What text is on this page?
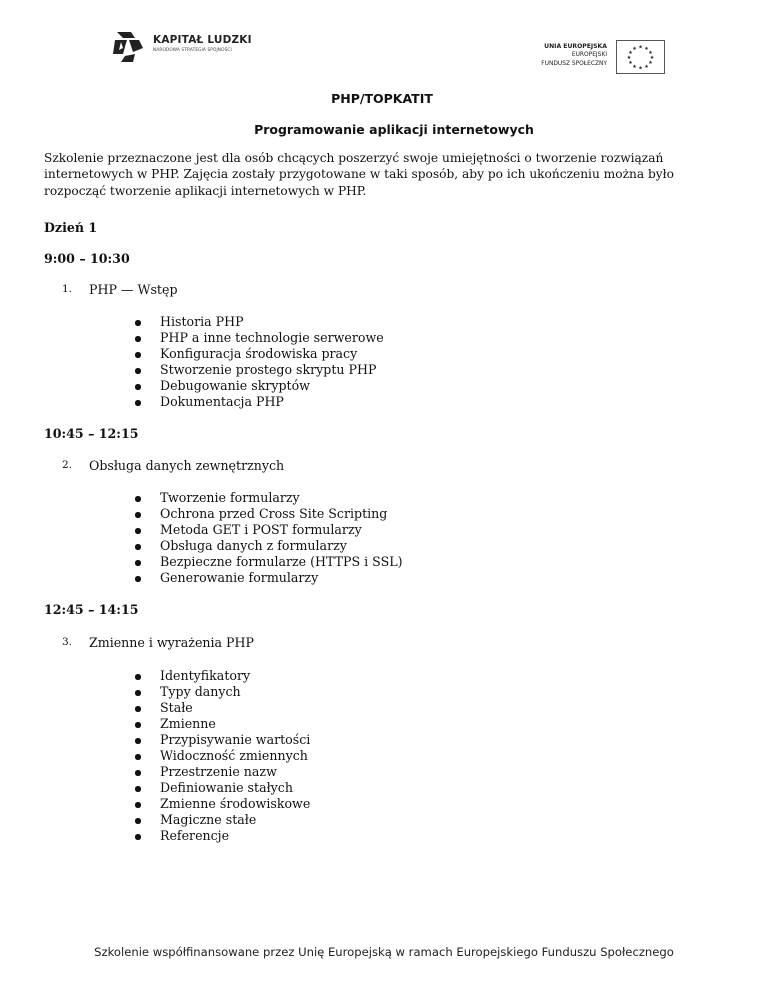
KAPITAŁ LUDZKI
NARODOWA STRATEGIA SPÓJNOŚCI
UNIA EUROPEJSKA
EUROPEJSKI
FUNDUSZ SPOŁECZNY
★ ★
★
★
★
★
★
★
★
★
★
★
PHP/TOPKATIT
Programowanie aplikacji internetowych
Szkolenie przeznaczone jest dla osób chcących poszerzyć swoje umiejętności o tworzenie rozwiązań internetowych w PHP. Zajęcia zostały przygotowane w taki sposób, aby po ich ukończeniu można było rozpocząć tworzenie aplikacji internetowych w PHP.
Dzień 1
9:00 – 10:30
1. PHP — Wstęp
Historia PHP
PHP a inne technologie serwerowe
Konfiguracja środowiska pracy
Stworzenie prostego skryptu PHP
Debugowanie skryptów
Dokumentacja PHP
10:45 – 12:15
2. Obsługa danych zewnętrznych
Tworzenie formularzy
Ochrona przed Cross Site Scripting
Metoda GET i POST formularzy
Obsługa danych z formularzy
Bezpieczne formularze (HTTPS i SSL)
Generowanie formularzy
12:45 – 14:15
3. Zmienne i wyrażenia PHP
Identyfikatory
Typy danych
Stałe
Zmienne
Przypisywanie wartości
Widoczność zmiennych
Przestrzenie nazw
Definiowanie stałych
Zmienne środowiskowe
Magiczne stałe
Referencje
Szkolenie współfinansowane przez Unię Europejską w ramach Europejskiego Funduszu Społecznego
